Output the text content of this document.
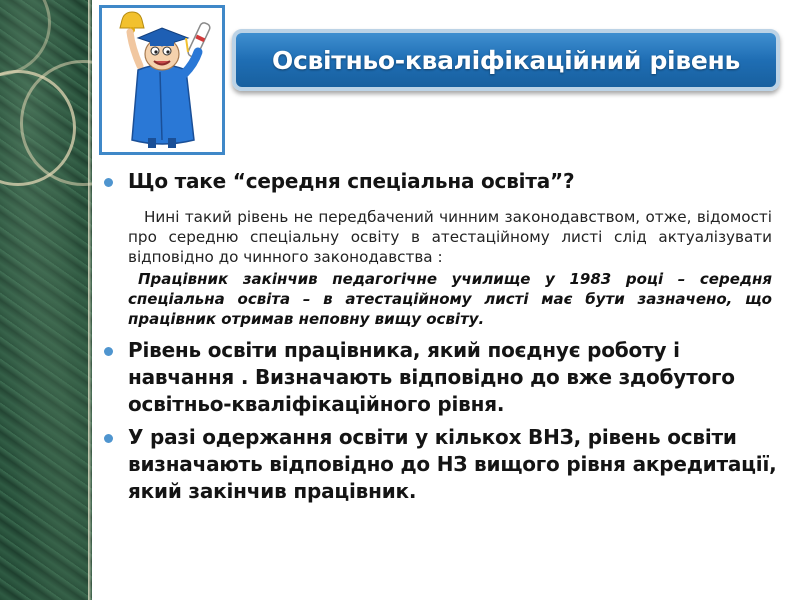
Освітньо-кваліфікаційний рівень
Що таке “середня спеціальна освіта”?
Нині такий рівень не передбачений чинним законодавством, отже, відомості про середню спеціальну освіту в атестаційному листі слід актуалізувати відповідно до чинного законодавства :
Працівник закінчив педагогічне училище у 1983 році – середня спеціальна освіта – в атестаційному листі має бути зазначено, що працівник отримав неповну вищу освіту.
Рівень освіти працівника, який поєднує роботу і навчання . Визначають відповідно до вже здобутого освітньо-кваліфікаційного рівня.
У разі одержання освіти у кількох ВНЗ, рівень освіти визначають відповідно до НЗ вищого рівня акредитації, який закінчив працівник.
